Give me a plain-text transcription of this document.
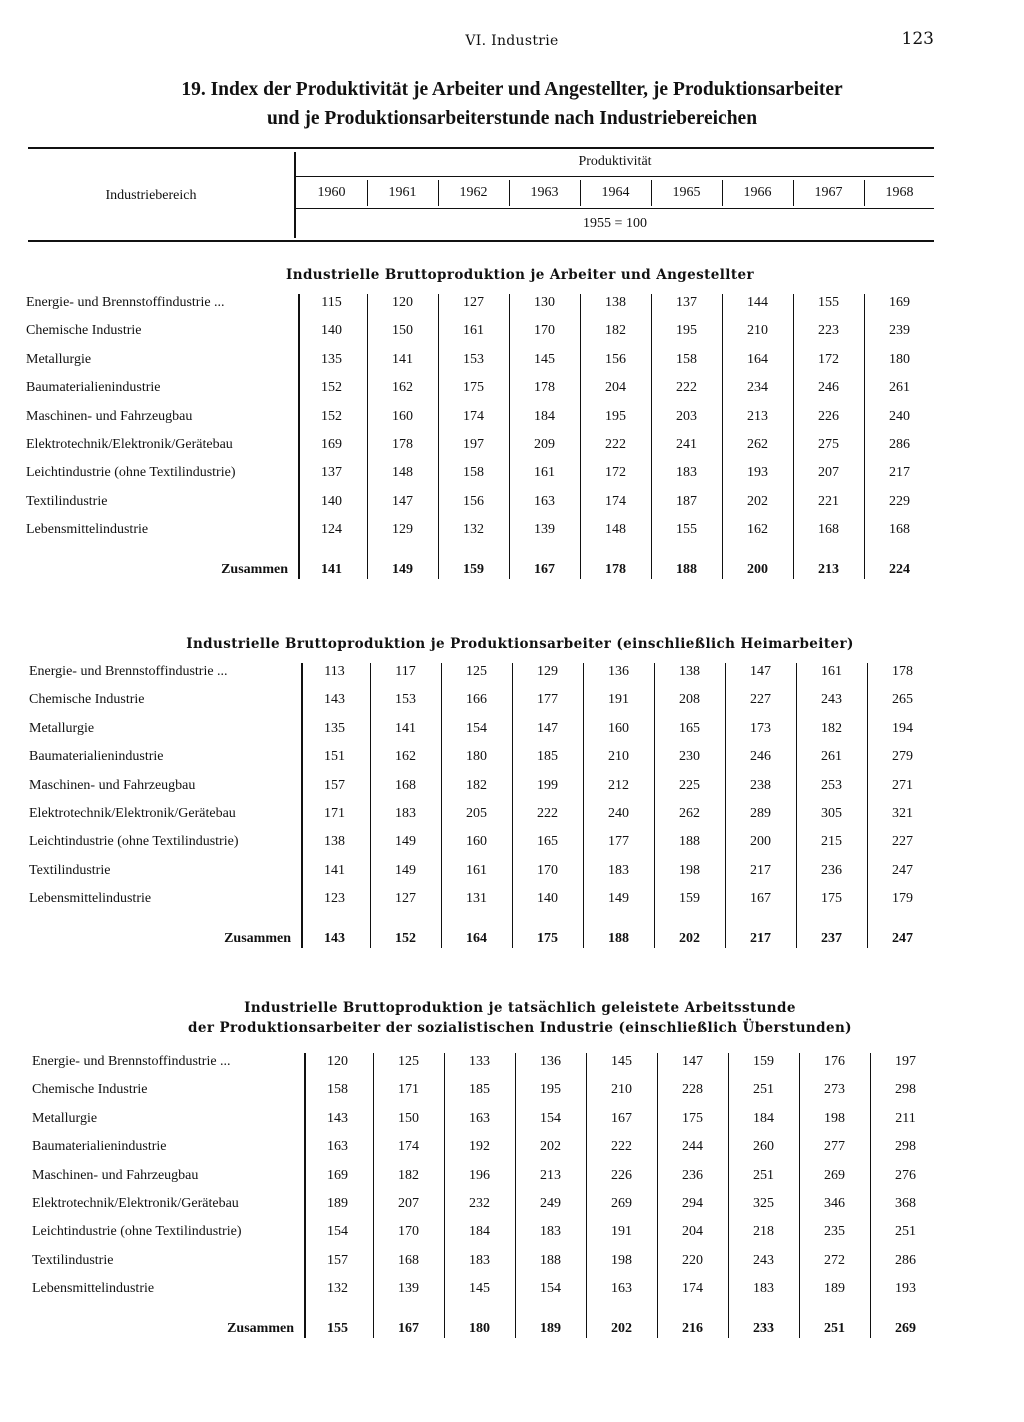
VI. Industrie	123
19. Index der Produktivität je Arbeiter und Angestellter, je Produktionsarbeiter
und je Produktionsarbeiterstunde nach Industriebereichen
Industriebereich
Produktivität
1955 = 100
1960	1961	1962	1963	1964	1965	1966	1967	1968
Industrielle Bruttoproduktion je Arbeiter und Angestellter
Energie- und Brennstoffindustrie ...	115	120	127	130	138	137	144	155	169
Chemische Industrie	140	150	161	170	182	195	210	223	239
Metallurgie	135	141	153	145	156	158	164	172	180
Baumaterialienindustrie	152	162	175	178	204	222	234	246	261
Maschinen- und Fahrzeugbau	152	160	174	184	195	203	213	226	240
Elektrotechnik/Elektronik/Gerätebau	169	178	197	209	222	241	262	275	286
Leichtindustrie (ohne Textilindustrie)	137	148	158	161	172	183	193	207	217
Textilindustrie	140	147	156	163	174	187	202	221	229
Lebensmittelindustrie	124	129	132	139	148	155	162	168	168
Zusammen	141	149	159	167	178	188	200	213	224
Industrielle Bruttoproduktion je Produktionsarbeiter (einschließlich Heimarbeiter)
Energie- und Brennstoffindustrie ...	113	117	125	129	136	138	147	161	178
Chemische Industrie	143	153	166	177	191	208	227	243	265
Metallurgie	135	141	154	147	160	165	173	182	194
Baumaterialienindustrie	151	162	180	185	210	230	246	261	279
Maschinen- und Fahrzeugbau	157	168	182	199	212	225	238	253	271
Elektrotechnik/Elektronik/Gerätebau	171	183	205	222	240	262	289	305	321
Leichtindustrie (ohne Textilindustrie)	138	149	160	165	177	188	200	215	227
Textilindustrie	141	149	161	170	183	198	217	236	247
Lebensmittelindustrie	123	127	131	140	149	159	167	175	179
Zusammen	143	152	164	175	188	202	217	237	247
Industrielle Bruttoproduktion je tatsächlich geleistete Arbeitsstunde
der Produktionsarbeiter der sozialistischen Industrie (einschließlich Überstunden)
Energie- und Brennstoffindustrie ...	120	125	133	136	145	147	159	176	197
Chemische Industrie	158	171	185	195	210	228	251	273	298
Metallurgie	143	150	163	154	167	175	184	198	211
Baumaterialienindustrie	163	174	192	202	222	244	260	277	298
Maschinen- und Fahrzeugbau	169	182	196	213	226	236	251	269	276
Elektrotechnik/Elektronik/Gerätebau	189	207	232	249	269	294	325	346	368
Leichtindustrie (ohne Textilindustrie)	154	170	184	183	191	204	218	235	251
Textilindustrie	157	168	183	188	198	220	243	272	286
Lebensmittelindustrie	132	139	145	154	163	174	183	189	193
Zusammen	155	167	180	189	202	216	233	251	269
